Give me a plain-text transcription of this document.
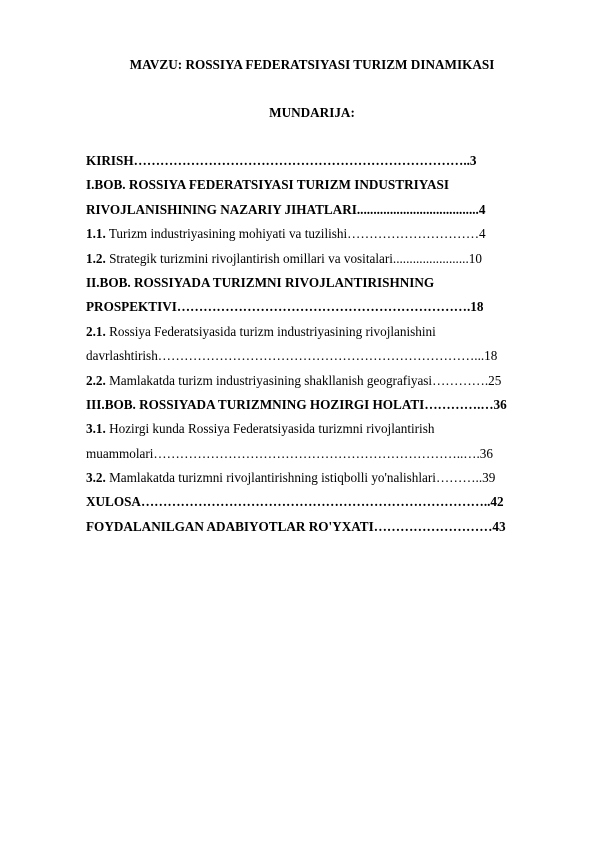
MAVZU: ROSSIYA FEDERATSIYASI TURIZM DINAMIKASI
MUNDARIJA:
KIRISH…………………………………………………………………..3
I.BOB. ROSSIYA FEDERATSIYASI TURIZM INDUSTRIYASI
RIVOJLANISHINING NAZARIY JIHATLARI.....................................4
1.1. Turizm industriyasining mohiyati va tuzilishi…………………………4
1.2. Strategik turizmini rivojlantirish omillari va vositalari.......................10
II.BOB. ROSSIYADA TURIZMNI RIVOJLANTIRISHNING
PROSPEKTIVI………………………………………………………….18
2.1. Rossiya Federatsiyasida turizm industriyasining rivojlanishini
davrlashtirish………………………………………………………………...18
2.2. Mamlakatda turizm industriyasining shakllanish geografiyasi………….25
III.BOB. ROSSIYADA TURIZMNING HOZIRGI HOLATI………….…36
3.1. Hozirgi kunda Rossiya Federatsiyasida turizmni rivojlantirish
muammolari……………………………………………………………..….36
3.2. Mamlakatda turizmni rivojlantirishning istiqbolli yo'nalishlari………..39
XULOSA……………………………………………………………………..42
FOYDALANILGAN ADABIYOTLAR RO'YXATI………………………43
